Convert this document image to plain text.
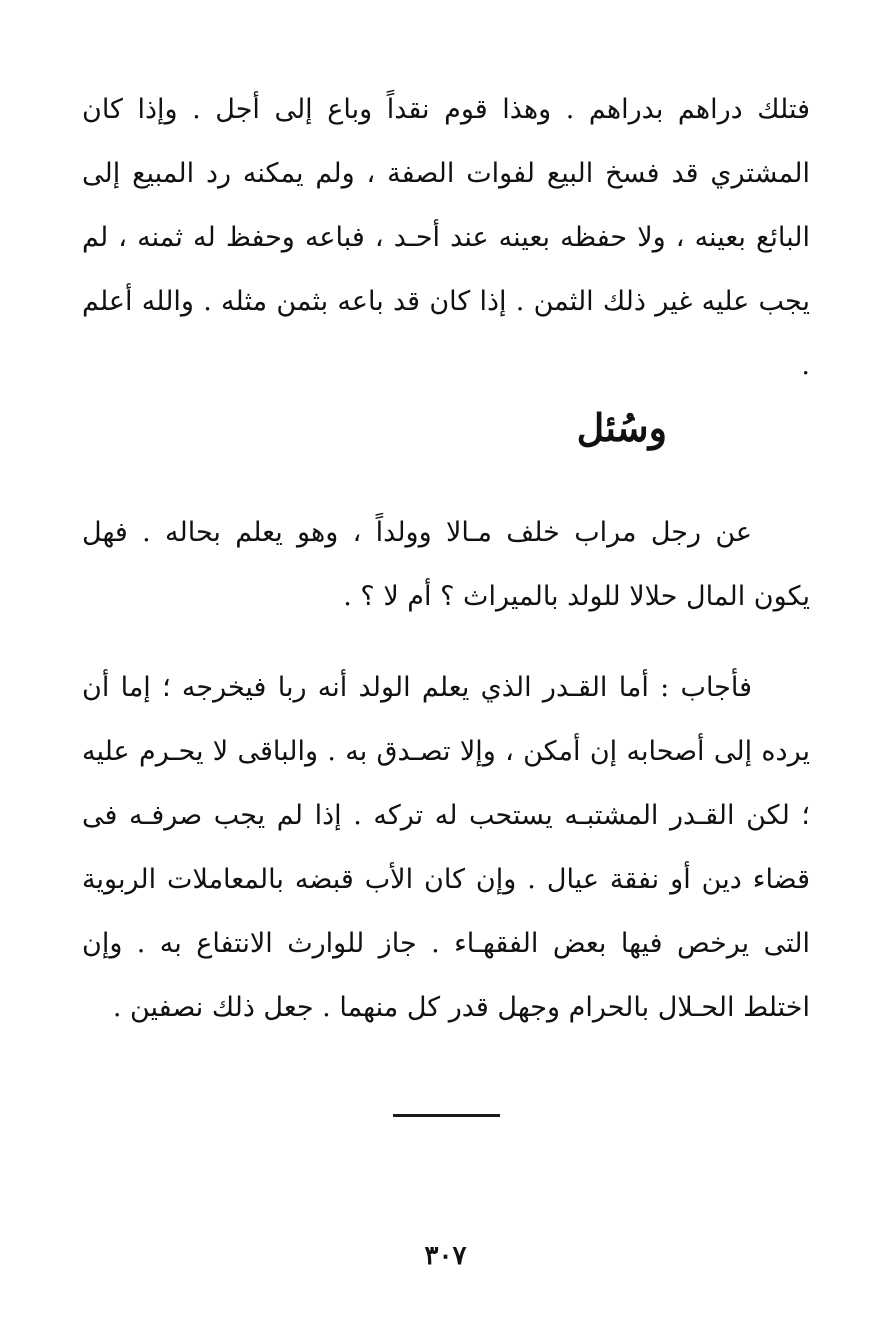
فتلك دراهم بدراهم . وهذا قوم نقداً وباع إلى أجل . وإذا كان المشتري قد فسخ البيع لفوات الصفة ، ولم يمكنه رد المبيع إلى البائع بعينه ، ولا حفظه بعينه عند أحـد ، فباعه وحفظ له ثمنه ، لم يجب عليه غير ذلك الثمن . إذا كان قد باعه بثمن مثله . والله أعلم .

وسُئل

عن رجل مراب خلف مـالا وولداً ، وهو يعلم بحاله . فهل يكون المال حلالا للولد بالميراث ؟ أم لا ؟ .

فأجاب : أما القـدر الذي يعلم الولد أنه ربا فيخرجه ؛ إما أن يرده إلى أصحابه إن أمكن ، وإلا تصـدق به . والباقى لا يحـرم عليه ؛ لكن القـدر المشتبـه يستحب له تركه . إذا لم يجب صرفـه فى قضاء دين أو نفقة عيال . وإن كان الأب قبضه بالمعاملات الربوية التى يرخص فيها بعض الفقهـاء . جاز للوارث الانتفاع به . وإن اختلط الحـلال بالحرام وجهل قدر كل منهما . جعل ذلك نصفين .

٣٠٧
